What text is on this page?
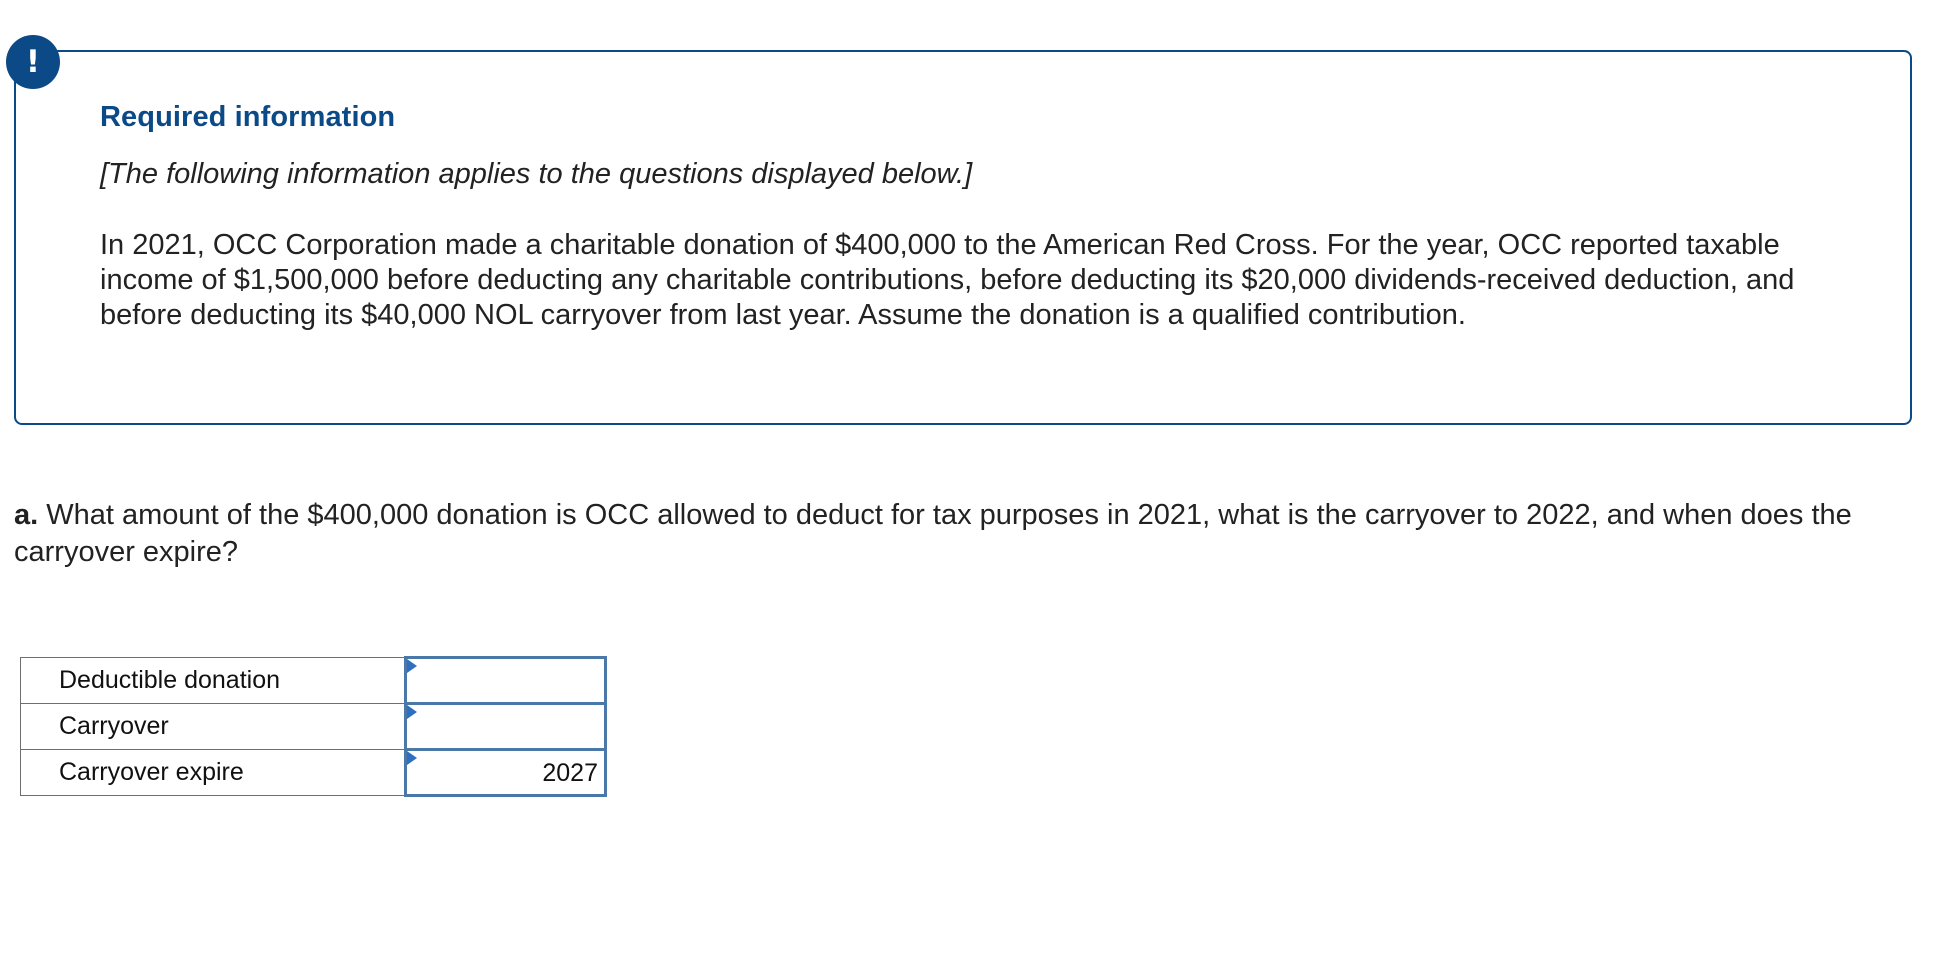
!
Required information
[The following information applies to the questions displayed below.]
In 2021, OCC Corporation made a charitable donation of $400,000 to the American Red Cross. For the year, OCC reported taxable income of $1,500,000 before deducting any charitable contributions, before deducting its $20,000 dividends-received deduction, and before deducting its $40,000 NOL carryover from last year. Assume the donation is a qualified contribution.
a. What amount of the $400,000 donation is OCC allowed to deduct for tax purposes in 2021, what is the carryover to 2022, and when does the carryover expire?
Deductible donation	

Carryover	

Carryover expire	2027
